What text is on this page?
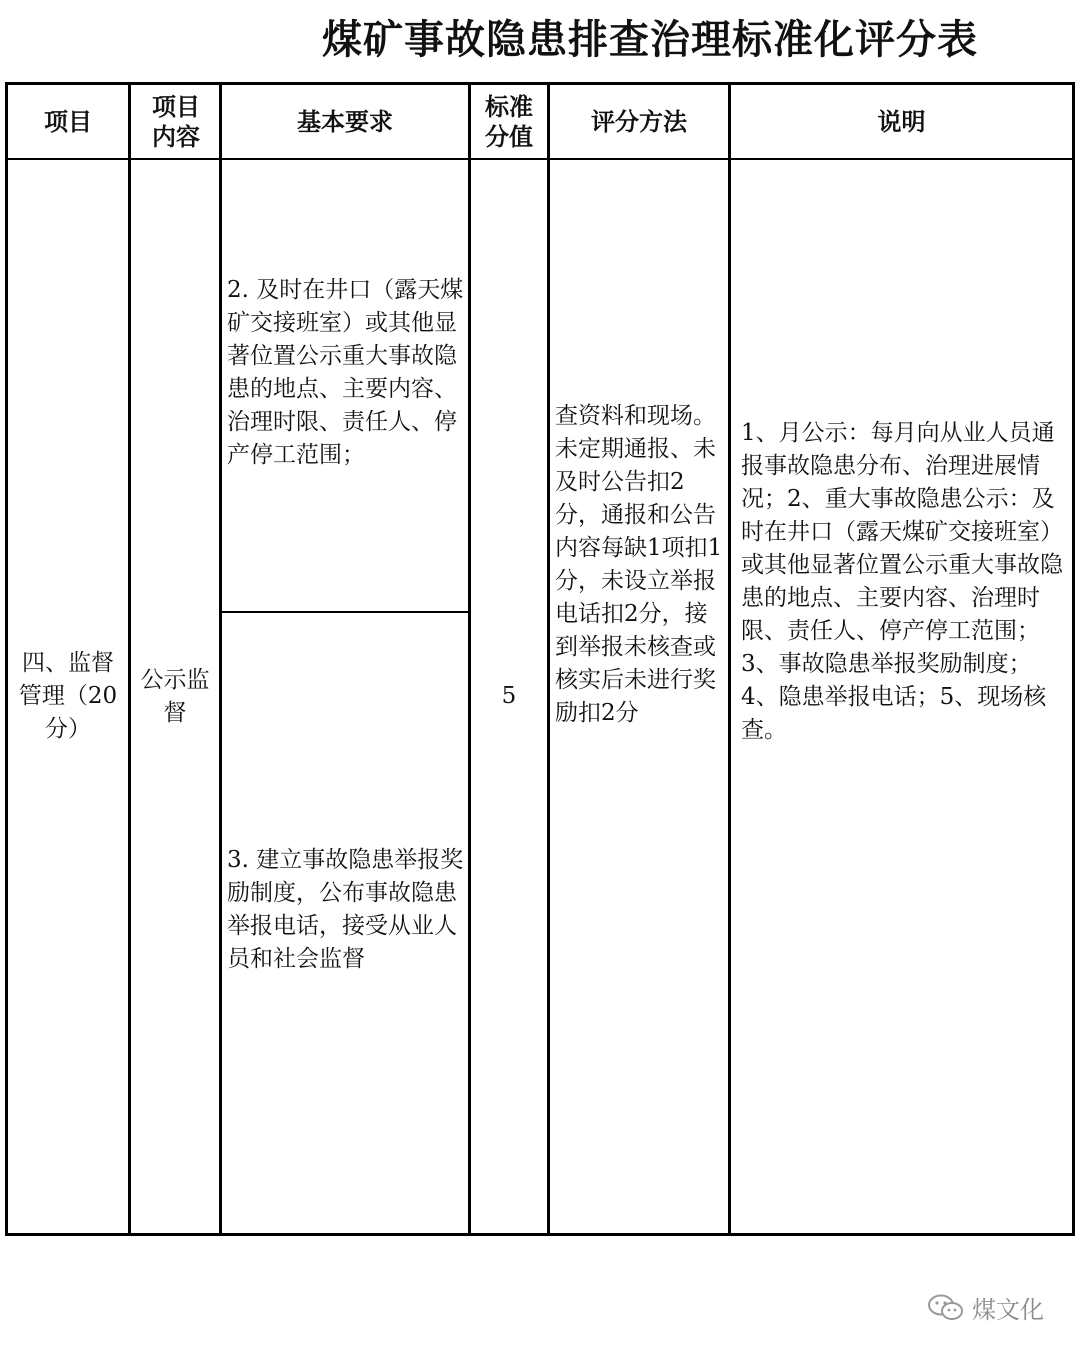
煤矿事故隐患排查治理标准化评分表
项目
项目内容
基本要求
标准分值
评分方法	说明
四、监督管理（20分）
公示监督
2. 及时在井口（露天煤矿交接班室）或其他显著位置公示重大事故隐患的地点、主要内容、治理时限、责任人、停产停工范围；
3. 建立事故隐患举报奖励制度，公布事故隐患举报电话，接受从业人员和社会监督
5
查资料和现场。未定期通报、未及时公告扣2分，通报和公告内容每缺1项扣1分，未设立举报电话扣2分，接到举报未核查或核实后未进行奖励扣2分
1、月公示：每月向从业人员通报事故隐患分布、治理进展情况；2、重大事故隐患公示：及时在井口（露天煤矿交接班室）或其他显著位置公示重大事故隐患的地点、主要内容、治理时限、责任人、停产停工范围；3、事故隐患举报奖励制度； 4、隐患举报电话；5、现场核查。
煤文化
